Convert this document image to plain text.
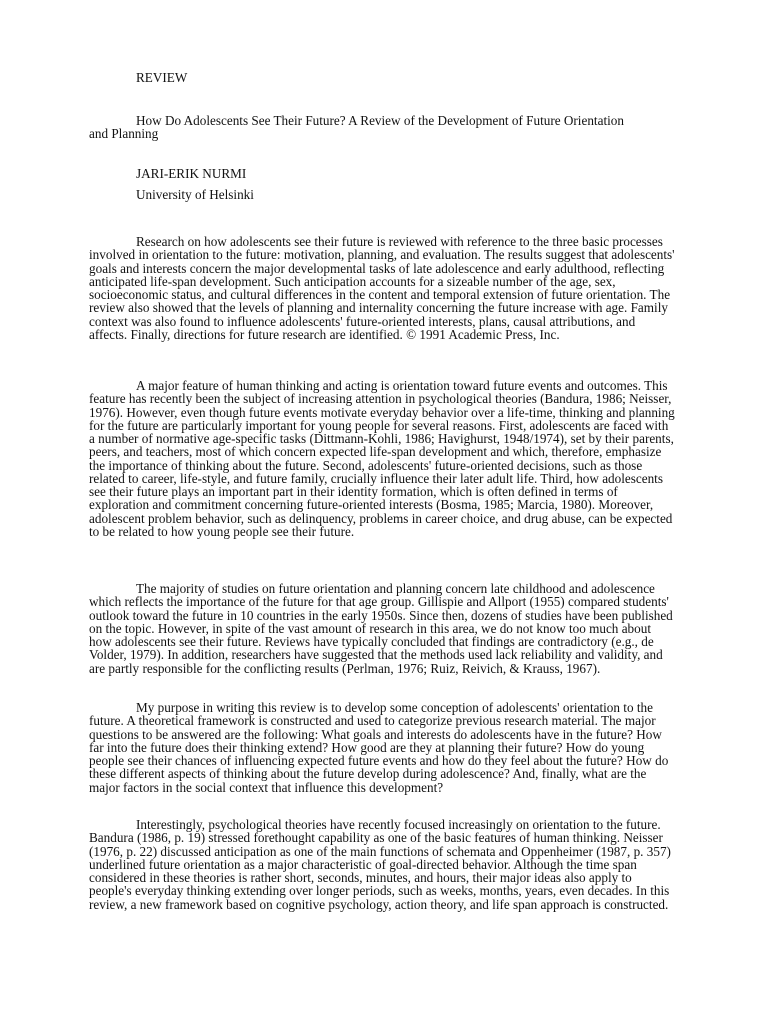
REVIEW

How Do Adolescents See Their Future? A Review of the Development of Future Orientation and Planning

JARI-ERIK NURMI
University of Helsinki

Research on how adolescents see their future is reviewed with reference to the three basic processes involved in orientation to the future: motivation, planning, and evaluation. The results suggest that adolescents' goals and interests concern the major developmental tasks of late adolescence and early adulthood, reflecting anticipated life-span development. Such anticipation accounts for a sizeable number of the age, sex, socioeconomic status, and cultural differences in the content and temporal extension of future orientation. The review also showed that the levels of planning and internality concerning the future increase with age. Family context was also found to influence adolescents' future-oriented interests, plans, causal attributions, and affects. Finally, directions for future research are identified. © 1991 Academic Press, Inc.

A major feature of human thinking and acting is orientation toward future events and outcomes. This feature has recently been the subject of increasing attention in psychological theories (Bandura, 1986; Neisser, 1976). However, even though future events motivate everyday behavior over a life-time, thinking and planning for the future are particularly important for young people for several reasons. First, adolescents are faced with a number of normative age-specific tasks (Dittmann-Kohli, 1986; Havighurst, 1948/1974), set by their parents, peers, and teachers, most of which concern expected life-span development and which, therefore, emphasize the importance of thinking about the future. Second, adolescents' future-oriented decisions, such as those related to career, life-style, and future family, crucially influence their later adult life. Third, how adolescents see their future plays an important part in their identity formation, which is often defined in terms of exploration and commitment concerning future-oriented interests (Bosma, 1985; Marcia, 1980). Moreover, adolescent problem behavior, such as delinquency, problems in career choice, and drug abuse, can be expected to be related to how young people see their future.

The majority of studies on future orientation and planning concern late childhood and adolescence which reflects the importance of the future for that age group. Gillispie and Allport (1955) compared students' outlook toward the future in 10 countries in the early 1950s. Since then, dozens of studies have been published on the topic. However, in spite of the vast amount of research in this area, we do not know too much about how adolescents see their future. Reviews have typically concluded that findings are contradictory (e.g., de Volder, 1979). In addition, researchers have suggested that the methods used lack reliability and validity, and are partly responsible for the conflicting results (Perlman, 1976; Ruiz, Reivich, & Krauss, 1967).

My purpose in writing this review is to develop some conception of adolescents' orientation to the future. A theoretical framework is constructed and used to categorize previous research material. The major questions to be answered are the following: What goals and interests do adolescents have in the future? How far into the future does their thinking extend? How good are they at planning their future? How do young people see their chances of influencing expected future events and how do they feel about the future? How do these different aspects of thinking about the future develop during adolescence? And, finally, what are the major factors in the social context that influence this development?

Interestingly, psychological theories have recently focused increasingly on orientation to the future. Bandura (1986, p. 19) stressed forethought capability as one of the basic features of human thinking. Neisser (1976, p. 22) discussed anticipation as one of the main functions of schemata and Oppenheimer (1987, p. 357) underlined future orientation as a major characteristic of goal-directed behavior. Although the time span considered in these theories is rather short, seconds, minutes, and hours, their major ideas also apply to people's everyday thinking extending over longer periods, such as weeks, months, years, even decades. In this review, a new framework based on cognitive psychology, action theory, and life span approach is constructed.
